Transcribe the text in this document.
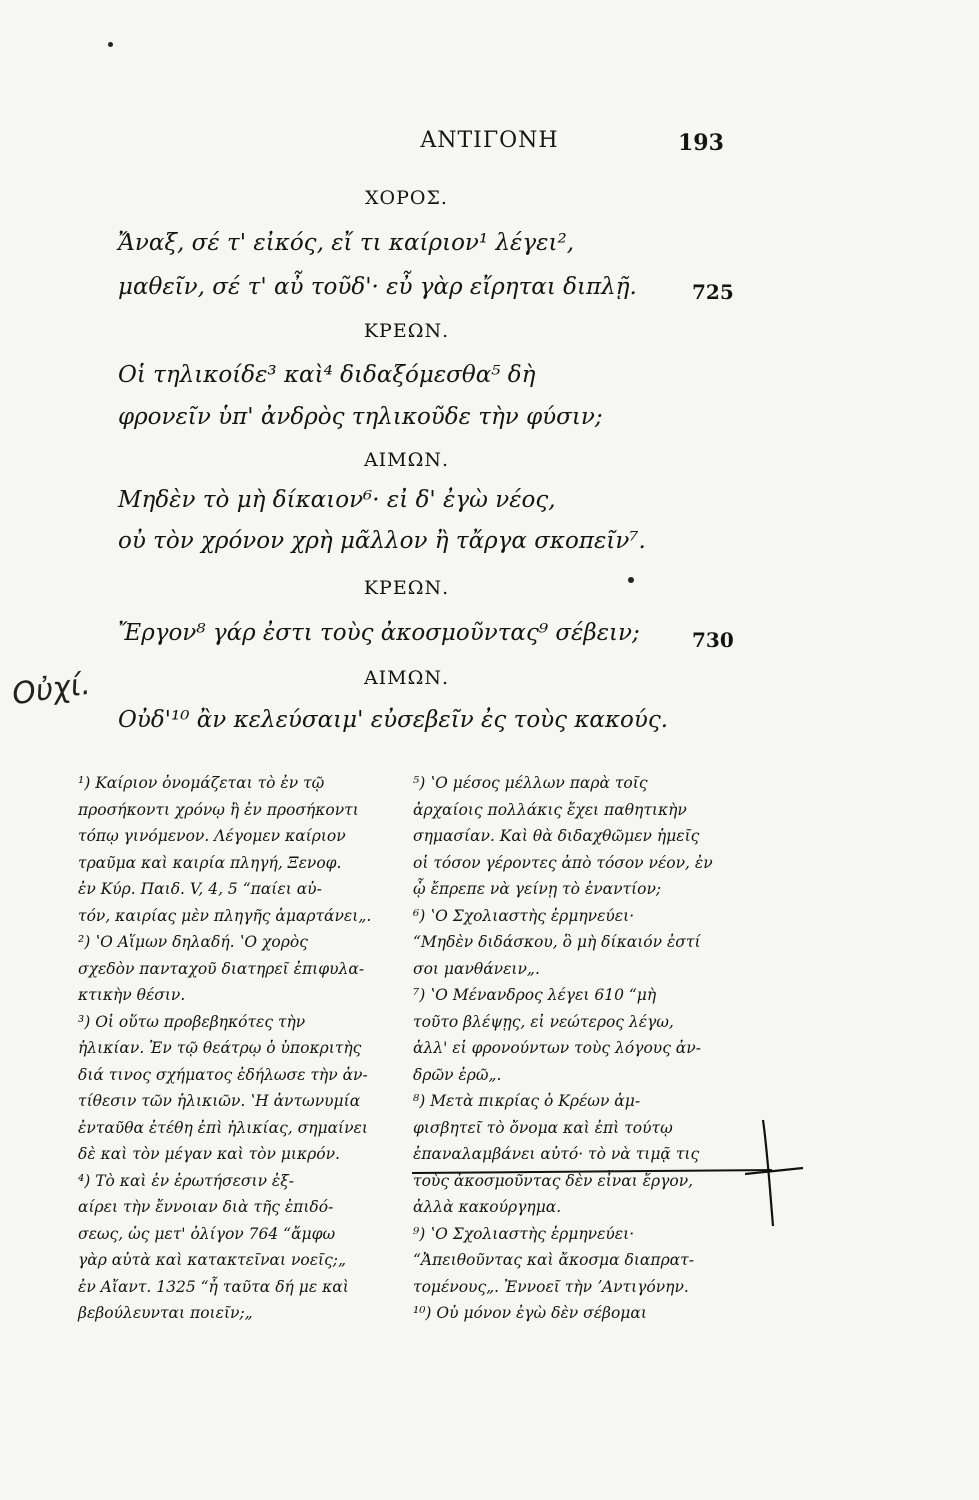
ΑΝΤΙΓΟΝΗ	193
ΧΟΡΟΣ.
Ἄναξ, σέ τ' εἰκός, εἴ τι καίριον¹ λέγει²,
μαθεῖν, σέ τ' αὖ τοῦδ'· εὖ γὰρ εἴρηται διπλῇ.	725
ΚΡΕΩΝ.
Οἱ τηλικοίδε³ καὶ⁴ διδαξόμεσθα⁵ δὴ
φρονεῖν ὑπ' ἀνδρὸς τηλικοῦδε τὴν φύσιν;
ΑΙΜΩΝ.
Μηδὲν τὸ μὴ δίκαιον⁶· εἰ δ' ἐγὼ νέος,
οὐ τὸν χρόνον χρὴ μᾶλλον ἢ τἄργα σκοπεῖν⁷.
ΚΡΕΩΝ.
Ἔργον⁸ γάρ ἐστι τοὺς ἀκοσμοῦντας⁹ σέβειν;	730
ΑΙΜΩΝ.
Οὐδ'¹⁰ ἂν κελεύσαιμ' εὐσεβεῖν ἐς τοὺς κακούς.
Οὐχί.

¹) Καίριον ὀνομάζεται τὸ ἐν τῷ

προσήκοντι χρόνῳ ἢ ἐν προσήκοντι

τόπῳ γινόμενον. Λέγομεν καίριον

τραῦμα καὶ καιρία πληγή, Ξενοφ.

ἐν Κύρ. Παιδ. V, 4, 5 “παίει αὐ-

τόν, καιρίας μὲν πληγῆς ἁμαρτάνει„.

²) ʽΟ Αἵμων δηλαδή. ʽΟ χορὸς

σχεδὸν πανταχοῦ διατηρεῖ ἐπιφυλα-

κτικὴν θέσιν.

³) Οἱ οὕτω προβεβηκότες τὴν

ἡλικίαν. Ἐν τῷ θεάτρῳ ὁ ὑποκριτὴς

διά τινος σχήματος ἐδήλωσε τὴν ἀν-

τίθεσιν τῶν ἡλικιῶν. ʽΗ ἀντωνυμία

ἐνταῦθα ἐτέθη ἐπὶ ἡλικίας, σημαίνει

δὲ καὶ τὸν μέγαν καὶ τὸν μικρόν.

⁴) Τὸ καὶ ἐν ἐρωτήσεσιν ἐξ-

αίρει τὴν ἔννοιαν διὰ τῆς ἐπιδό-

σεως, ὡς μετ' ὀλίγον 764 “ἄμφω

γὰρ αὐτὰ καὶ κατακτεῖναι νοεῖς;„

ἐν Αἴαντ. 1325 “ἦ ταῦτα δή με καὶ

βεβούλευνται ποιεῖν;„

⁵) ʽΟ μέσος μέλλων παρὰ τοῖς

ἀρχαίοις πολλάκις ἔχει παθητικὴν

σημασίαν. Καὶ θὰ διδαχθῶμεν ἡμεῖς

οἱ τόσον γέροντες ἀπὸ τόσον νέον, ἐν

ᾧ ἔπρεπε νὰ γείνῃ τὸ ἐναντίον;

⁶) ʽΟ Σχολιαστὴς ἑρμηνεύει·

“Μηδὲν διδάσκου, ὃ μὴ δίκαιόν ἐστί

σοι μανθάνειν„.

⁷) ʽΟ Μένανδρος λέγει 610 “μὴ

τοῦτο βλέψῃς, εἰ νεώτερος λέγω,

ἀλλ' εἰ φρονούντων τοὺς λόγους ἀν-

δρῶν ἐρῶ„.

⁸) Μετὰ πικρίας ὁ Κρέων ἀμ-

φισβητεῖ τὸ ὄνομα καὶ ἐπὶ τούτῳ

ἐπαναλαμβάνει αὐτό· τὸ νὰ τιμᾷ τις

τοὺς ἀκοσμοῦντας δὲν εἶναι ἔργον,

ἀλλὰ κακούργημα.

⁹) ʽΟ Σχολιαστὴς ἑρμηνεύει·

“Ἀπειθοῦντας καὶ ἄκοσμα διαπρατ-

τομένους„. Ἐννοεῖ τὴν ʼΑντιγόνην.

¹⁰) Οὐ μόνον ἐγὼ δὲν σέβομαι
